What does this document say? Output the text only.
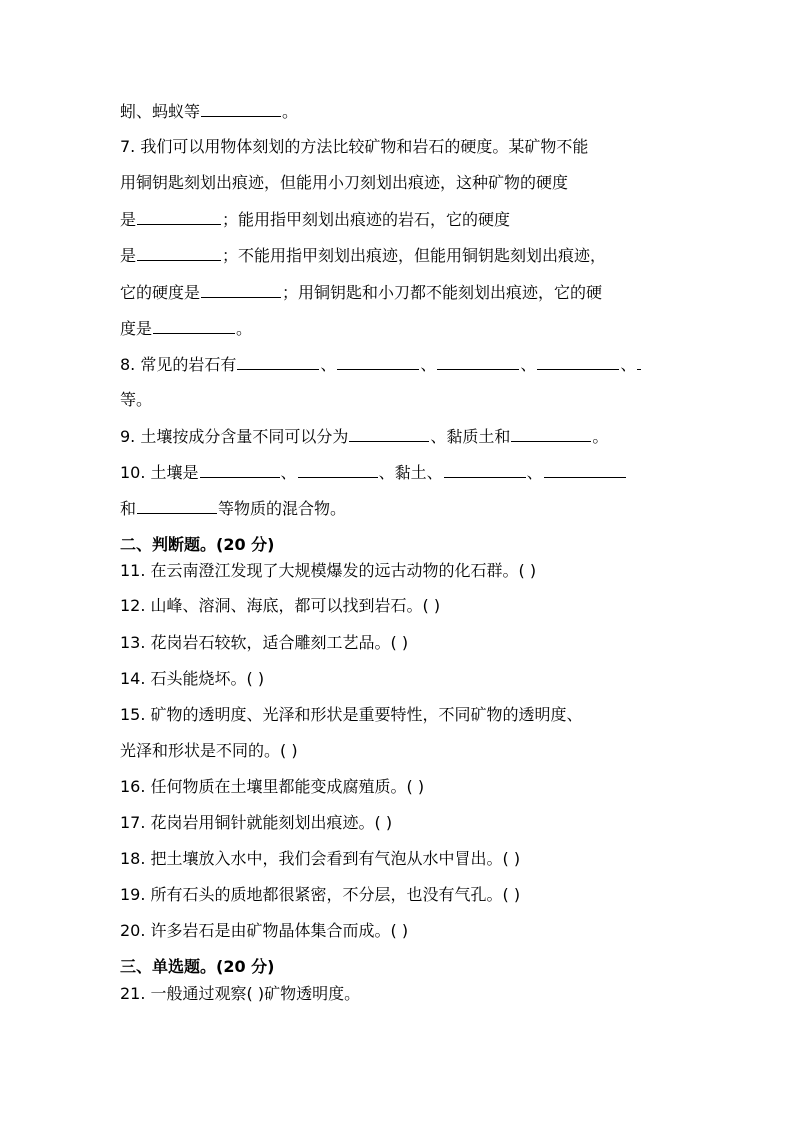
蚓、蚂蚁等	。
7. 我们可以用物体刻划的方法比较矿物和岩石的硬度。某矿物不能
用铜钥匙刻划出痕迹，但能用小刀刻划出痕迹，这种矿物的硬度
是	；能用指甲刻划出痕迹的岩石，它的硬度
是	；不能用指甲刻划出痕迹，但能用铜钥匙刻划出痕迹，
它的硬度是	；用铜钥匙和小刀都不能刻划出痕迹，它的硬
度是	。
8. 常见的岩石有	、	、	、	、
等。
9. 土壤按成分含量不同可以分为	、黏质土和	。
10. 土壤是	、	、黏土、	、
和	等物质的混合物。
二、判断题。(20 分)
11. 在云南澄江发现了大规模爆发的远古动物的化石群。( )
12. 山峰、溶洞、海底，都可以找到岩石。( )
13. 花岗岩石较软，适合雕刻工艺品。( )
14. 石头能烧坏。( )
15. 矿物的透明度、光泽和形状是重要特性，不同矿物的透明度、
光泽和形状是不同的。( )
16. 任何物质在土壤里都能变成腐殖质。( )
17. 花岗岩用铜针就能刻划出痕迹。( )
18. 把土壤放入水中，我们会看到有气泡从水中冒出。( )
19. 所有石头的质地都很紧密，不分层，也没有气孔。( )
20. 许多岩石是由矿物晶体集合而成。( )
三、单选题。(20 分)
21. 一般通过观察( )矿物透明度。
